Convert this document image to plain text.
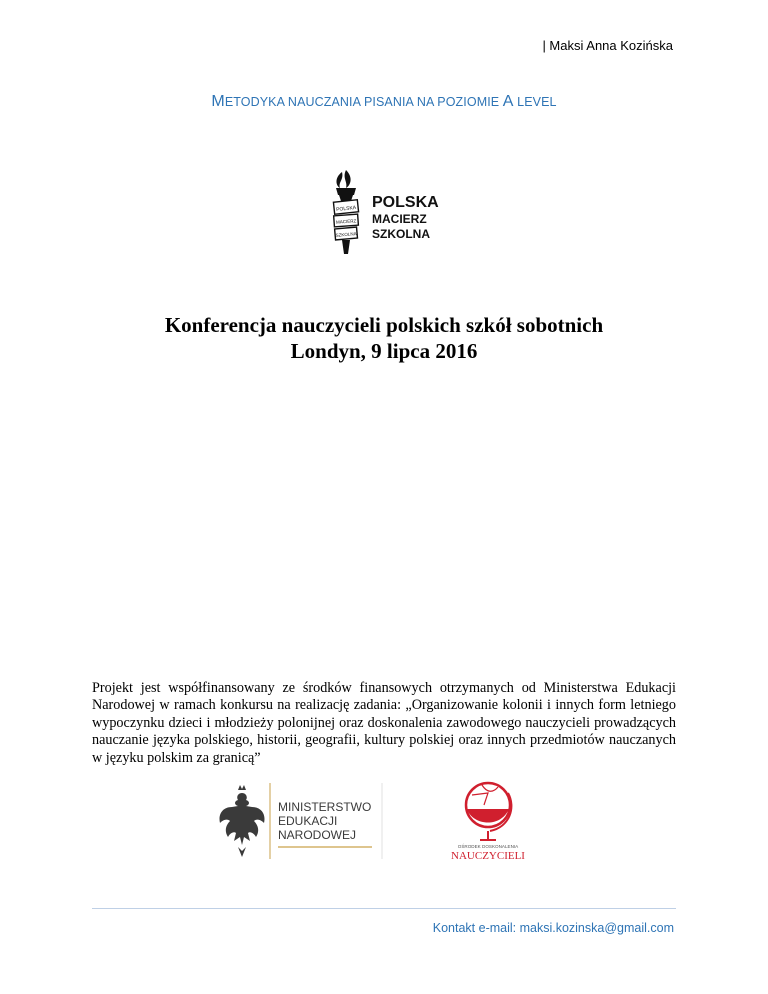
| Maksi Anna Kozińska
METODYKA NAUCZANIA PISANIA NA POZIOMIE A LEVEL
POLSKA
MACIERZ
SZKOLNA
POLSKA
MACIERZ
SZKOLNA
Konferencja nauczycieli polskich szkół sobotnich
Londyn, 9 lipca 2016
Projekt jest współfinansowany ze środków finansowych otrzymanych od Ministerstwa Edukacji Narodowej w ramach konkursu na realizację zadania: „Organizowanie kolonii i innych form letniego wypoczynku dzieci i młodzieży polonijnej oraz doskonalenia zawodowego nauczycieli prowadzących nauczanie języka polskiego, historii, geografii, kultury polskiej oraz innych przedmiotów nauczanych w języku polskim za granicą”
MINISTERSTWO
EDUKACJI
NARODOWEJ
OŚRODEK DOSKONALENIA
NAUCZYCIELI
Kontakt e-mail: maksi.kozinska@gmail.com
